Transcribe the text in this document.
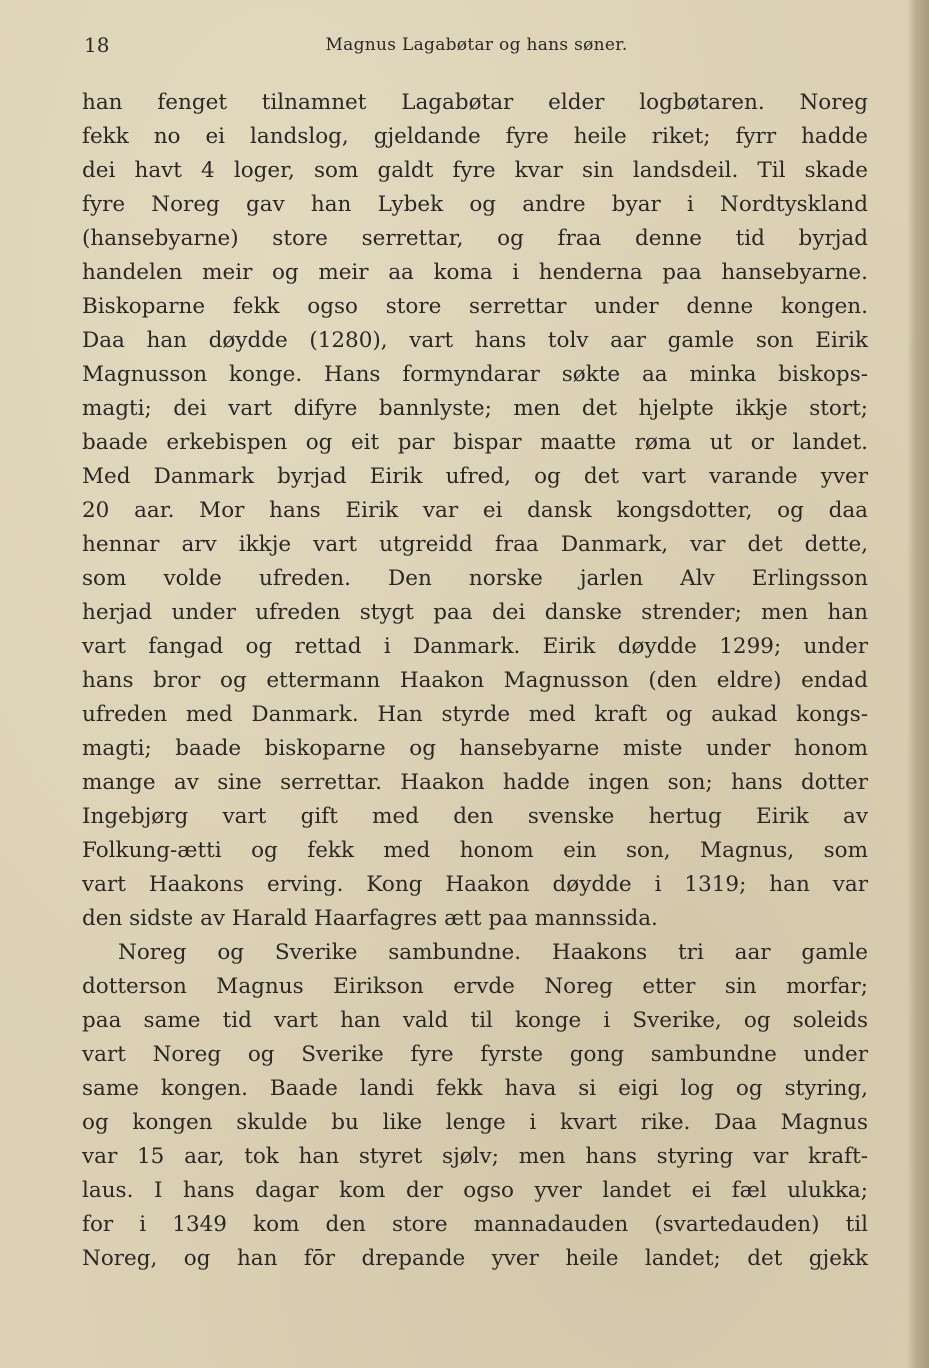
18	Magnus Lagabøtar og hans søner.
han fenget tilnamnet Lagabøtar elder logbøtaren. Noreg
fekk no ei landslog, gjeldande fyre heile riket; fyrr hadde
dei havt 4 loger, som galdt fyre kvar sin landsdeil. Til skade
fyre Noreg gav han Lybek og andre byar i Nordtyskland
(hansebyarne) store serrettar, og fraa denne tid byrjad
handelen meir og meir aa koma i henderna paa hansebyarne.
Biskoparne fekk ogso store serrettar under denne kongen.
Daa han døydde (1280), vart hans tolv aar gamle son Eirik
Magnusson konge. Hans formyndarar søkte aa minka biskops-
magti; dei vart difyre bannlyste; men det hjelpte ikkje stort;
baade erkebispen og eit par bispar maatte røma ut or landet.
Med Danmark byrjad Eirik ufred, og det vart varande yver
20 aar. Mor hans Eirik var ei dansk kongsdotter, og daa
hennar arv ikkje vart utgreidd fraa Danmark, var det dette,
som volde ufreden. Den norske jarlen Alv Erlingsson
herjad under ufreden stygt paa dei danske strender; men han
vart fangad og rettad i Danmark. Eirik døydde 1299; under
hans bror og ettermann Haakon Magnusson (den eldre) endad
ufreden med Danmark. Han styrde med kraft og aukad kongs-
magti; baade biskoparne og hansebyarne miste under honom
mange av sine serrettar. Haakon hadde ingen son; hans dotter
Ingebjørg vart gift med den svenske hertug Eirik av
Folkung-ætti og fekk med honom ein son, Magnus, som
vart Haakons erving. Kong Haakon døydde i 1319; han var
den sidste av Harald Haarfagres ætt paa mannssida.
Noreg og Sverike sambundne. Haakons tri aar gamle
dotterson Magnus Eirikson ervde Noreg etter sin morfar;
paa same tid vart han vald til konge i Sverike, og soleids
vart Noreg og Sverike fyre fyrste gong sambundne under
same kongen. Baade landi fekk hava si eigi log og styring,
og kongen skulde bu like lenge i kvart rike. Daa Magnus
var 15 aar, tok han styret sjølv; men hans styring var kraft-
laus. I hans dagar kom der ogso yver landet ei fæl ulukka;
for i 1349 kom den store mannadauden (svartedauden) til
Noreg, og han fōr drepande yver heile landet; det gjekk
